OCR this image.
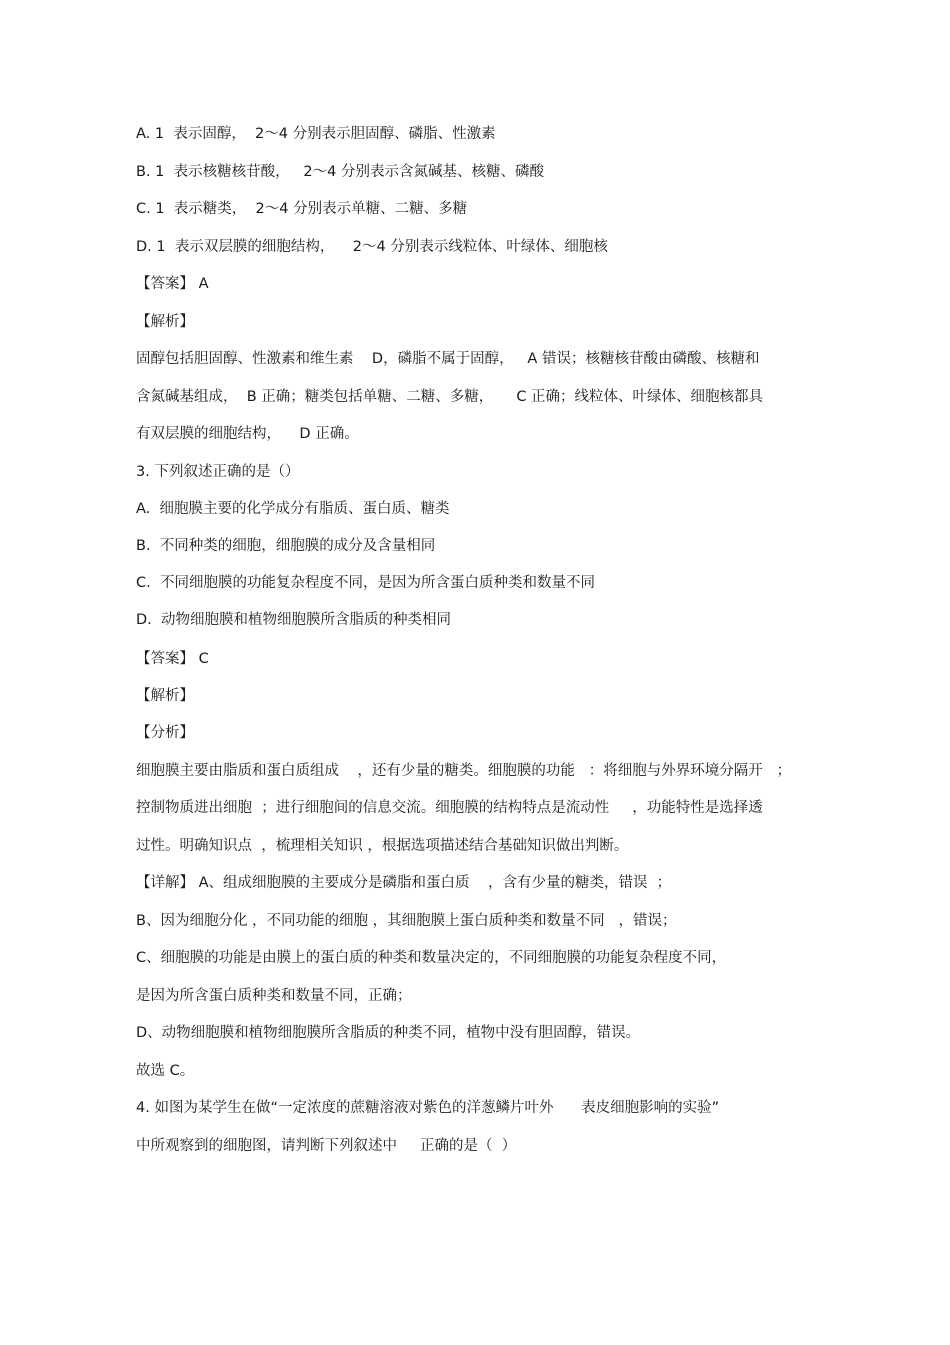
A. 1  表示固醇，  2～4 分别表示胆固醇、磷脂、性激素

B. 1  表示核糖核苷酸，   2～4 分别表示含氮碱基、核糖、磷酸

C. 1  表示糖类，  2～4 分别表示单糖、二糖、多糖

D. 1  表示双层膜的细胞结构，    2～4 分别表示线粒体、叶绿体、细胞核

【答案】 A

【解析】

固醇包括胆固醇、性激素和维生素    D，磷脂不属于固醇，   A 错误；核糖核苷酸由磷酸、核糖和

含氮碱基组成，  B 正确；糖类包括单糖、二糖、多糖，     C 正确；线粒体、叶绿体、细胞核都具

有双层膜的细胞结构，    D 正确。

3. 下列叙述正确的是（）

A.  细胞膜主要的化学成分有脂质、蛋白质、糖类

B.  不同种类的细胞，细胞膜的成分及含量相同

C.  不同细胞膜的功能复杂程度不同，是因为所含蛋白质种类和数量不同

D.  动物细胞膜和植物细胞膜所含脂质的种类相同

【答案】 C

【解析】

【分析】

细胞膜主要由脂质和蛋白质组成    ，还有少量的糖类。细胞膜的功能   ：将细胞与外界环境分隔开   ；

控制物质进出细胞  ；进行细胞间的信息交流。细胞膜的结构特点是流动性     ，功能特性是选择透

过性。明确知识点  ，梳理相关知识 ，根据选项描述结合基础知识做出判断。

【详解】 A、组成细胞膜的主要成分是磷脂和蛋白质    ，含有少量的糖类，错误  ；

B、因为细胞分化 ，不同功能的细胞 ，其细胞膜上蛋白质种类和数量不同   ，错误；

C、细胞膜的功能是由膜上的蛋白质的种类和数量决定的，不同细胞膜的功能复杂程度不同，

是因为所含蛋白质种类和数量不同，正确；

D、动物细胞膜和植物细胞膜所含脂质的种类不同，植物中没有胆固醇，错误。

故选 C。

4. 如图为某学生在做“一定浓度的蔗糖溶液对紫色的洋葱鳞片叶外      表皮细胞影响的实验”

中所观察到的细胞图，请判断下列叙述中     正确的是（  ）
